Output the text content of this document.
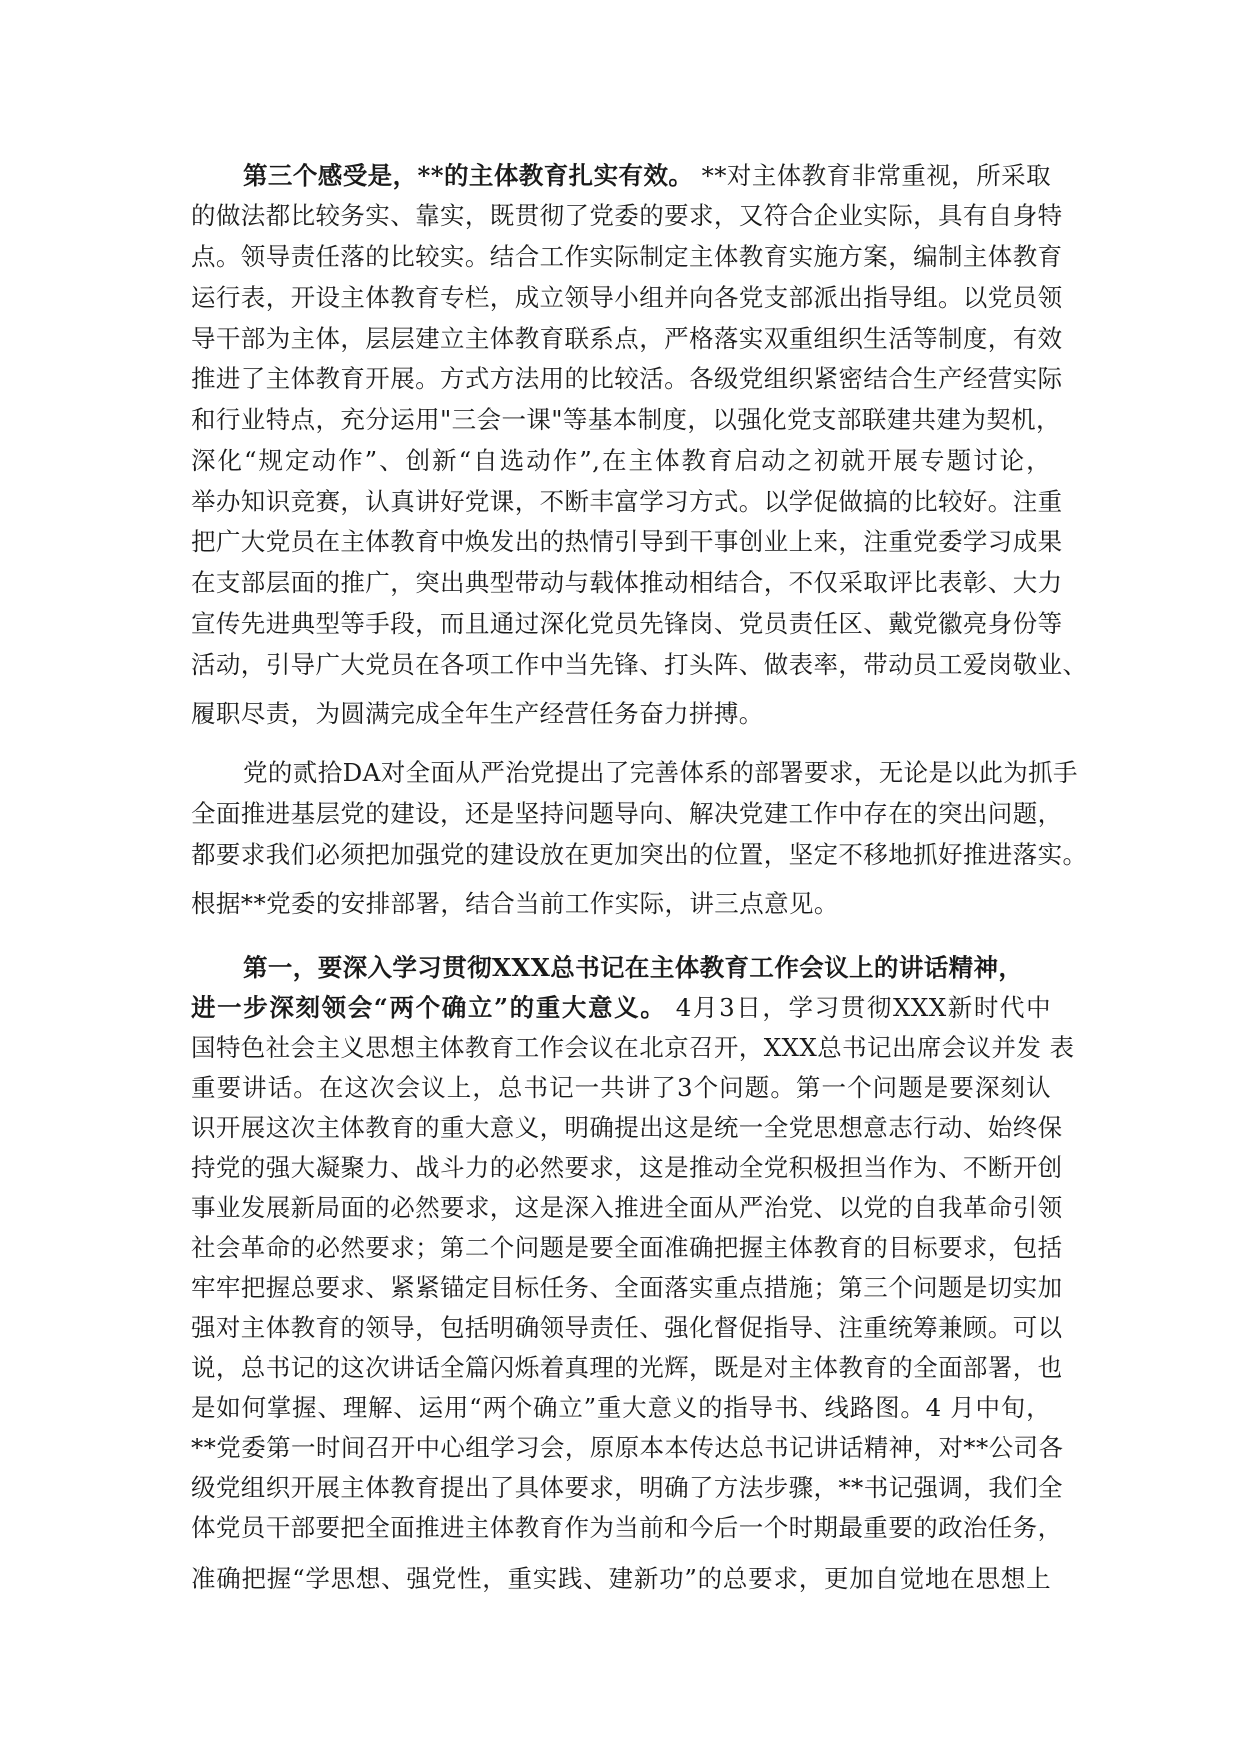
第三个感受是，**的主体教育扎实有效。 **对主体教育非常重视，所采取
的做法都比较务实、靠实，既贯彻了党委的要求，又符合企业实际，具有自身特
点。领导责任落的比较实。结合工作实际制定主体教育实施方案，编制主体教育
运行表，开设主体教育专栏，成立领导小组并向各党支部派出指导组。以党员领
导干部为主体，层层建立主体教育联系点，严格落实双重组织生活等制度，有效
推进了主体教育开展。方式方法用的比较活。各级党组织紧密结合生产经营实际
和行业特点，充分运用"三会一课"等基本制度，以强化党支部联建共建为契机，
深化“规定动作”、创新“自选动作”,在主体教育启动之初就开展专题讨论，
举办知识竞赛，认真讲好党课，不断丰富学习方式。以学促做搞的比较好。注重
把广大党员在主体教育中焕发出的热情引导到干事创业上来，注重党委学习成果
在支部层面的推广，突出典型带动与载体推动相结合，不仅采取评比表彰、大力
宣传先进典型等手段，而且通过深化党员先锋岗、党员责任区、戴党徽亮身份等
活动，引导广大党员在各项工作中当先锋、打头阵、做表率，带动员工爱岗敬业、
履职尽责，为圆满完成全年生产经营任务奋力拼搏。
党的贰拾DA对全面从严治党提出了完善体系的部署要求，无论是以此为抓手
全面推进基层党的建设，还是坚持问题导向、解决党建工作中存在的突出问题，
都要求我们必须把加强党的建设放在更加突出的位置，坚定不移地抓好推进落实。
根据**党委的安排部署，结合当前工作实际，讲三点意见。
第一，要深入学习贯彻XXX总书记在主体教育工作会议上的讲话精神，
进一步深刻领会“两个确立”的重大意义。 4月3日，学习贯彻XXX新时代中
国特色社会主义思想主体教育工作会议在北京召开，XXX总书记出席会议并发 表
重要讲话。在这次会议上，总书记一共讲了3个问题。第一个问题是要深刻认
识开展这次主体教育的重大意义，明确提出这是统一全党思想意志行动、始终保
持党的强大凝聚力、战斗力的必然要求，这是推动全党积极担当作为、不断开创
事业发展新局面的必然要求，这是深入推进全面从严治党、以党的自我革命引领
社会革命的必然要求；第二个问题是要全面准确把握主体教育的目标要求，包括
牢牢把握总要求、紧紧锚定目标任务、全面落实重点措施；第三个问题是切实加
强对主体教育的领导，包括明确领导责任、强化督促指导、注重统筹兼顾。可以
说，总书记的这次讲话全篇闪烁着真理的光辉，既是对主体教育的全面部署，也
是如何掌握、理解、运用“两个确立”重大意义的指导书、线路图。4 月中旬，
**党委第一时间召开中心组学习会，原原本本传达总书记讲话精神，对**公司各
级党组织开展主体教育提出了具体要求，明确了方法步骤，**书记强调，我们全
体党员干部要把全面推进主体教育作为当前和今后一个时期最重要的政治任务，
准确把握“学思想、强党性，重实践、建新功”的总要求，更加自觉地在思想上
